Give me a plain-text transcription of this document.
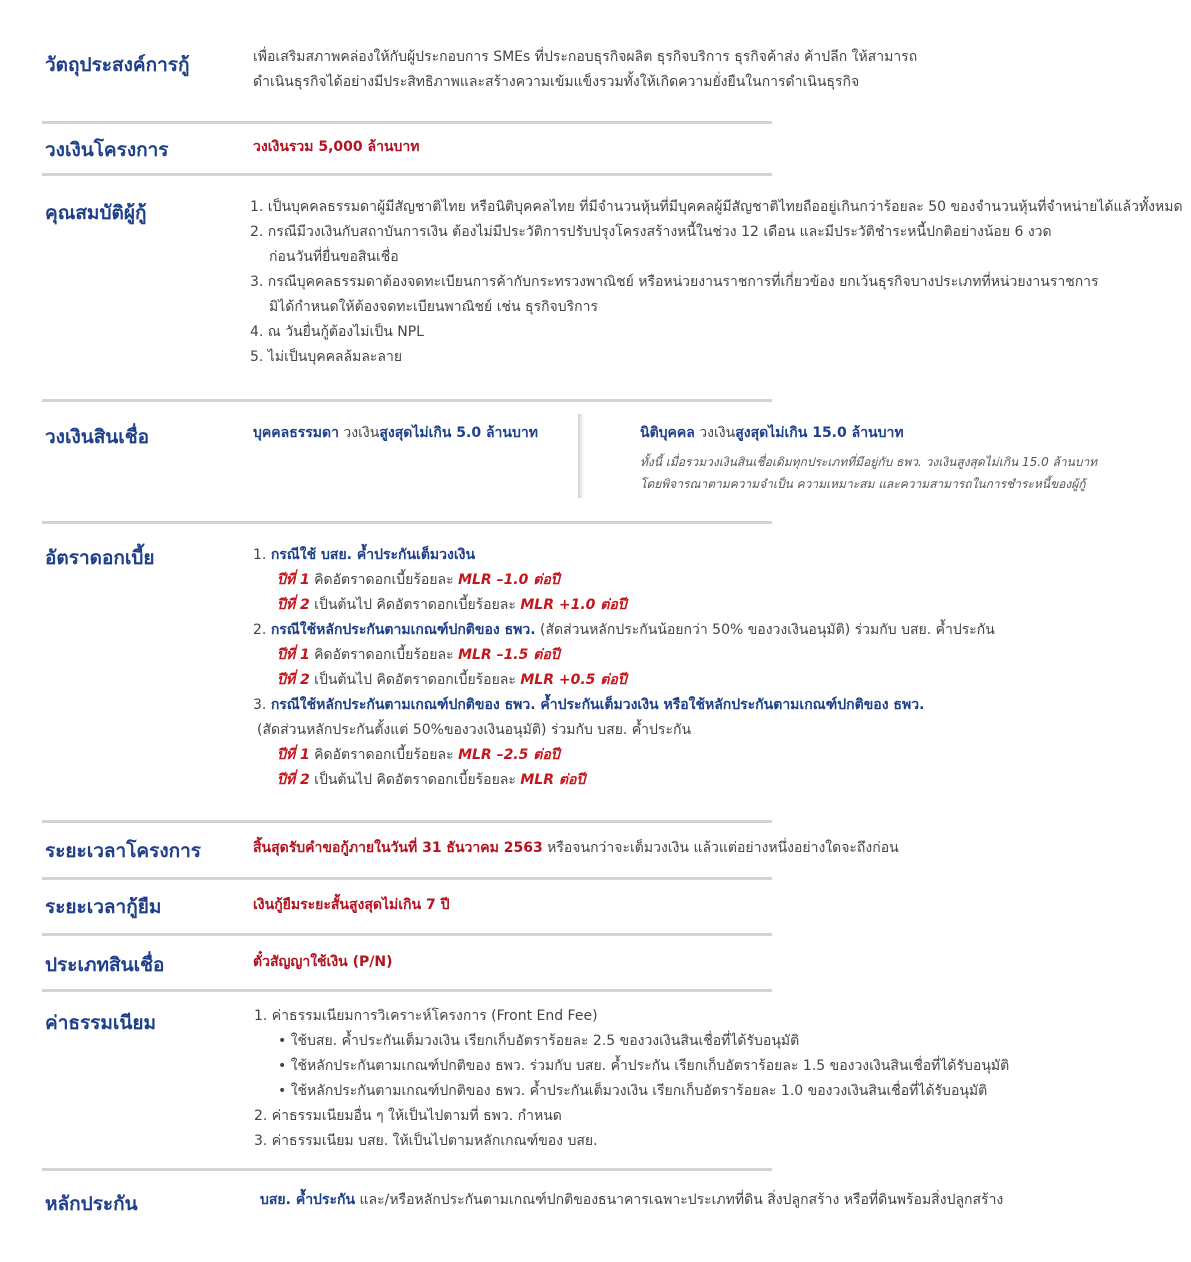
วัตถุประสงค์การกู้	เพื่อเสริมสภาพคล่องให้กับผู้ประกอบการ SMEs ที่ประกอบธุรกิจผลิต ธุรกิจบริการ ธุรกิจค้าส่ง ค้าปลีก ให้สามารถ
ดำเนินธุรกิจได้อย่างมีประสิทธิภาพและสร้างความเข้มแข็งรวมทั้งให้เกิดความยั่งยืนในการดำเนินธุรกิจ
วงเงินโครงการ	วงเงินรวม 5,000 ล้านบาท
คุณสมบัติผู้กู้	1. เป็นบุคคลธรรมดาผู้มีสัญชาติไทย หรือนิติบุคคลไทย ที่มีจำนวนหุ้นที่มีบุคคลผู้มีสัญชาติไทยถืออยู่เกินกว่าร้อยละ 50 ของจำนวนหุ้นที่จำหน่ายได้แล้วทั้งหมด
2. กรณีมีวงเงินกับสถาบันการเงิน ต้องไม่มีประวัติการปรับปรุงโครงสร้างหนี้ในช่วง 12 เดือน และมีประวัติชำระหนี้ปกติอย่างน้อย 6 งวด
ก่อนวันที่ยื่นขอสินเชื่อ
3. กรณีบุคคลธรรมดาต้องจดทะเบียนการค้ากับกระทรวงพาณิชย์ หรือหน่วยงานราชการที่เกี่ยวข้อง ยกเว้นธุรกิจบางประเภทที่หน่วยงานราชการ
มิได้กำหนดให้ต้องจดทะเบียนพาณิชย์ เช่น ธุรกิจบริการ
4. ณ วันยื่นกู้ต้องไม่เป็น NPL
5. ไม่เป็นบุคคลล้มละลาย
วงเงินสินเชื่อ	บุคคลธรรมดา วงเงินสูงสุดไม่เกิน 5.0 ล้านบาท	นิติบุคคล วงเงินสูงสุดไม่เกิน 15.0 ล้านบาท
ทั้งนี้ เมื่อรวมวงเงินสินเชื่อเดิมทุกประเภทที่มีอยู่กับ ธพว. วงเงินสูงสุดไม่เกิน 15.0 ล้านบาท
โดยพิจารณาตามความจำเป็น ความเหมาะสม และความสามารถในการชำระหนี้ของผู้กู้
อัตราดอกเบี้ย	1. กรณีใช้ บสย. ค้ำประกันเต็มวงเงิน
ปีที่ 1 คิดอัตราดอกเบี้ยร้อยละ MLR –1.0 ต่อปี
ปีที่ 2 เป็นต้นไป คิดอัตราดอกเบี้ยร้อยละ MLR +1.0 ต่อปี
2. กรณีใช้หลักประกันตามเกณฑ์ปกติของ ธพว. (สัดส่วนหลักประกันน้อยกว่า 50% ของวงเงินอนุมัติ) ร่วมกับ บสย. ค้ำประกัน
ปีที่ 1 คิดอัตราดอกเบี้ยร้อยละ MLR –1.5 ต่อปี
ปีที่ 2 เป็นต้นไป คิดอัตราดอกเบี้ยร้อยละ MLR +0.5 ต่อปี
3. กรณีใช้หลักประกันตามเกณฑ์ปกติของ ธพว. ค้ำประกันเต็มวงเงิน หรือใช้หลักประกันตามเกณฑ์ปกติของ ธพว.
(สัดส่วนหลักประกันตั้งแต่ 50%ของวงเงินอนุมัติ) ร่วมกับ บสย. ค้ำประกัน
ปีที่ 1 คิดอัตราดอกเบี้ยร้อยละ MLR –2.5 ต่อปี
ปีที่ 2 เป็นต้นไป คิดอัตราดอกเบี้ยร้อยละ MLR ต่อปี
ระยะเวลาโครงการ	สิ้นสุดรับคำขอกู้ภายในวันที่ 31 ธันวาคม 2563 หรือจนกว่าจะเต็มวงเงิน แล้วแต่อย่างหนึ่งอย่างใดจะถึงก่อน
ระยะเวลากู้ยืม	เงินกู้ยืมระยะสั้นสูงสุดไม่เกิน 7 ปี
ประเภทสินเชื่อ	ตั๋วสัญญาใช้เงิน (P/N)
ค่าธรรมเนียม	1. ค่าธรรมเนียมการวิเคราะห์โครงการ (Front End Fee)
• ใช้บสย. ค้ำประกันเต็มวงเงิน เรียกเก็บอัตราร้อยละ 2.5 ของวงเงินสินเชื่อที่ได้รับอนุมัติ
• ใช้หลักประกันตามเกณฑ์ปกติของ ธพว. ร่วมกับ บสย. ค้ำประกัน เรียกเก็บอัตราร้อยละ 1.5 ของวงเงินสินเชื่อที่ได้รับอนุมัติ
• ใช้หลักประกันตามเกณฑ์ปกติของ ธพว. ค้ำประกันเต็มวงเงิน เรียกเก็บอัตราร้อยละ 1.0 ของวงเงินสินเชื่อที่ได้รับอนุมัติ
2. ค่าธรรมเนียมอื่น ๆ ให้เป็นไปตามที่ ธพว. กำหนด
3. ค่าธรรมเนียม บสย. ให้เป็นไปตามหลักเกณฑ์ของ บสย.
หลักประกัน	บสย. ค้ำประกัน และ/หรือหลักประกันตามเกณฑ์ปกติของธนาคารเฉพาะประเภทที่ดิน สิ่งปลูกสร้าง หรือที่ดินพร้อมสิ่งปลูกสร้าง
